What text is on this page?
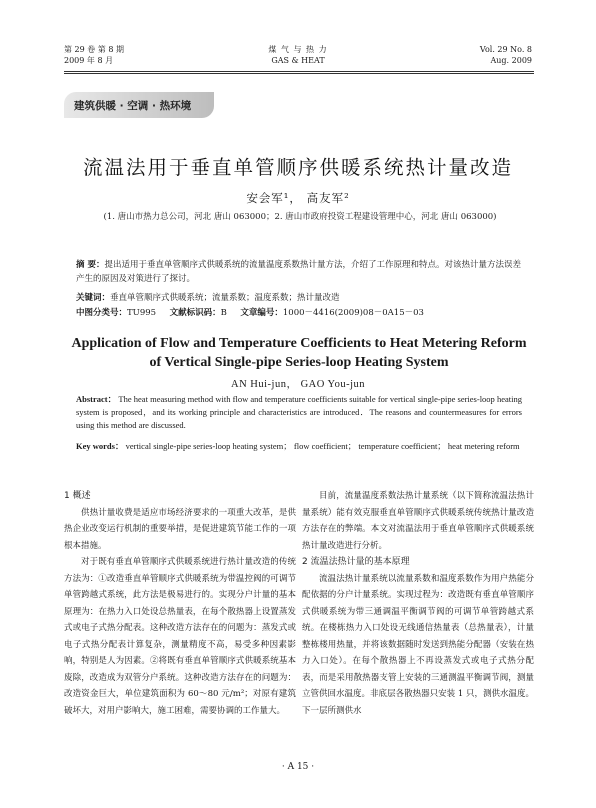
第 29 卷 第 8 期
2009 年 8 月
煤 气 与 热 力
GAS & HEAT
Vol. 29 No. 8
Aug. 2009
建筑供暖 · 空调 · 热环境
流温法用于垂直单管顺序供暖系统热计量改造
安会军¹， 高友军²
(1. 唐山市热力总公司，河北 唐山 063000；2. 唐山市政府投资工程建设管理中心，河北 唐山 063000)
摘 要：提出适用于垂直单管顺序式供暖系统的流量温度系数热计量方法，介绍了工作原理和特点。对该热计量方法误差产生的原因及对策进行了探讨。
关键词：垂直单管顺序式供暖系统；流量系数；温度系数；热计量改造
中图分类号：TU995 文献标识码：B 文章编号：1000－4416(2009)08－0A15－03
Application of Flow and Temperature Coefficients to Heat Metering Reform of Vertical Single-pipe Series-loop Heating System
AN Hui-jun， GAO You-jun
Abstract： The heat measuring method with flow and temperature coefficients suitable for vertical single-pipe series-loop heating system is proposed，and its working principle and characteristics are introduced．The reasons and countermeasures for errors using this method are discussed.
Key words： vertical single-pipe series-loop heating system； flow coefficient； temperature coefficient； heat metering reform
1 概述

供热计量收费是适应市场经济要求的一项重大改革，是供热企业改变运行机制的重要举措，是促进建筑节能工作的一项根本措施。

对于既有垂直单管顺序式供暖系统进行热计量改造的传统方法为：①改造垂直单管顺序式供暖系统为带温控阀的可调节单管跨越式系统，此方法是极易进行的。实现分户计量的基本原理为：在热力入口处设总热量表，在每个散热器上设置蒸发式或电子式热分配表。这种改造方法存在的问题为：蒸发式或电子式热分配表计算复杂，测量精度不高，易受多种因素影响，特别是人为因素。②将既有垂直单管顺序式供暖系统基本废除，改造成为双管分户系统。这种改造方法存在的问题为：改造资金巨大，单位建筑面积为 60～80 元/m²；对原有建筑破坏大，对用户影响大，施工困难，需要协调的工作量大。

目前，流量温度系数法热计量系统（以下简称流温法热计量系统）能有效克服垂直单管顺序式供暖系统传统热计量改造方法存在的弊端。本文对流温法用于垂直单管顺序式供暖系统热计量改造进行分析。

2 流温法热计量的基本原理

流温法热计量系统以流量系数和温度系数作为用户热能分配依据的分户计量系统。实现过程为：改造既有垂直单管顺序式供暖系统为带三通调温平衡调节阀的可调节单管跨越式系统。在楼栋热力入口处设无线通信热量表（总热量表），计量整栋楼用热量，并将该数据随时发送到热能分配器（安装在热力入口处）。在每个散热器上不再设蒸发式或电子式热分配表，而是采用散热器支管上安装的三通测温平衡调节阀，测量立管供回水温度。非底层各散热器只安装 1 只，测供水温度。下一层所测供水

· A 15 ·
